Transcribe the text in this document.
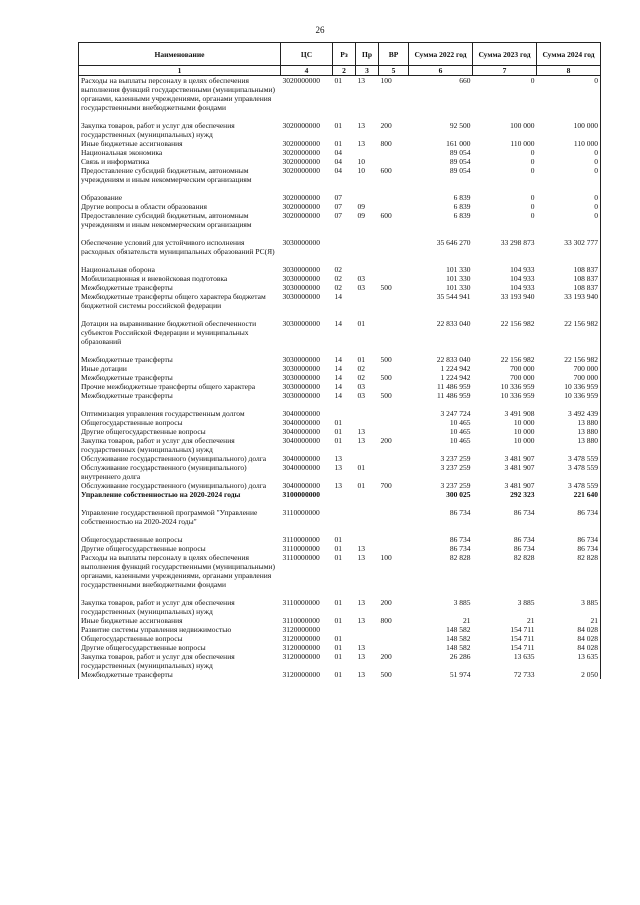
26
Наименование	ЦС	Рз	Пр	ВР	Сумма 2022 год	Сумма 2023 год	Сумма 2024 год
1	4	2	3	5	6	7	8
Расходы на выплаты персоналу в целях обеспечения выполнения функций государственными (муниципальными) органами, казенными учреждениями, органами управления государственными внебюджетными фондами	3020000000	01	13	100	660	0	0
Закупка товаров, работ и услуг для обеспечения государственных (муниципальных) нужд	3020000000	01	13	200	92 500	100 000	100 000
Иные бюджетные ассигнования	3020000000	01	13	800	161 000	110 000	110 000
Национальная экономика	3020000000	04			89 054	0	0
Связь и информатика	3020000000	04	10		89 054	0	0
Предоставление субсидий бюджетным, автономным учреждениям и иным некоммерческим организациям	3020000000	04	10	600	89 054	0	0
Образование	3020000000	07			6 839	0	0
Другие вопросы в области образования	3020000000	07	09		6 839	0	0
Предоставление субсидий бюджетным, автономным учреждениям и иным некоммерческим организациям	3020000000	07	09	600	6 839	0	0
Обеспечение условий для устойчивого исполнения расходных обязательств муниципальных образований РС(Я)	3030000000				35 646 270	33 298 873	33 302 777
Национальная оборона	3030000000	02			101 330	104 933	108 837
Мобилизационная и вневойсковая подготовка	3030000000	02	03		101 330	104 933	108 837
Межбюджетные трансферты	3030000000	02	03	500	101 330	104 933	108 837
Межбюджетные трансферты общего характера бюджетам бюджетной системы российской федерации	3030000000	14			35 544 941	33 193 940	33 193 940
Дотации на выравнивание бюджетной обеспеченности субъектов Российской Федерации и муниципальных образований	3030000000	14	01		22 833 040	22 156 982	22 156 982
Межбюджетные трансферты	3030000000	14	01	500	22 833 040	22 156 982	22 156 982
Иные дотации	3030000000	14	02		1 224 942	700 000	700 000
Межбюджетные трансферты	3030000000	14	02	500	1 224 942	700 000	700 000
Прочие межбюджетные трансферты общего характера	3030000000	14	03		11 486 959	10 336 959	10 336 959
Межбюджетные трансферты	3030000000	14	03	500	11 486 959	10 336 959	10 336 959
Оптимизация управления государственным долгом	3040000000				3 247 724	3 491 908	3 492 439
Общегосударственные вопросы	3040000000	01			10 465	10 000	13 880
Другие общегосударственные вопросы	3040000000	01	13		10 465	10 000	13 880
Закупка товаров, работ и услуг для обеспечения государственных (муниципальных) нужд	3040000000	01	13	200	10 465	10 000	13 880
Обслуживание государственного (муниципального) долга	3040000000	13			3 237 259	3 481 907	3 478 559
Обслуживание государственного (муниципального) внутреннего долга	3040000000	13	01		3 237 259	3 481 907	3 478 559
Обслуживание государственного (муниципального) долга	3040000000	13	01	700	3 237 259	3 481 907	3 478 559
Управление собственностью на 2020-2024 годы	3100000000				300 025	292 323	221 640
Управление государственной программой "Управление собственностью на 2020-2024 годы"	3110000000				86 734	86 734	86 734
Общегосударственные вопросы	3110000000	01			86 734	86 734	86 734
Другие общегосударственные вопросы	3110000000	01	13		86 734	86 734	86 734
Расходы на выплаты персоналу в целях обеспечения выполнения функций государственными (муниципальными) органами, казенными учреждениями, органами управления государственными внебюджетными фондами	3110000000	01	13	100	82 828	82 828	82 828
Закупка товаров, работ и услуг для обеспечения государственных (муниципальных) нужд	3110000000	01	13	200	3 885	3 885	3 885
Иные бюджетные ассигнования	3110000000	01	13	800	21	21	21
Развитие системы управления недвижимостью	3120000000				148 582	154 711	84 028
Общегосударственные вопросы	3120000000	01			148 582	154 711	84 028
Другие общегосударственные вопросы	3120000000	01	13		148 582	154 711	84 028
Закупка товаров, работ и услуг для обеспечения государственных (муниципальных) нужд	3120000000	01	13	200	26 286	13 635	13 635
Межбюджетные трансферты	3120000000	01	13	500	51 974	72 733	2 050
